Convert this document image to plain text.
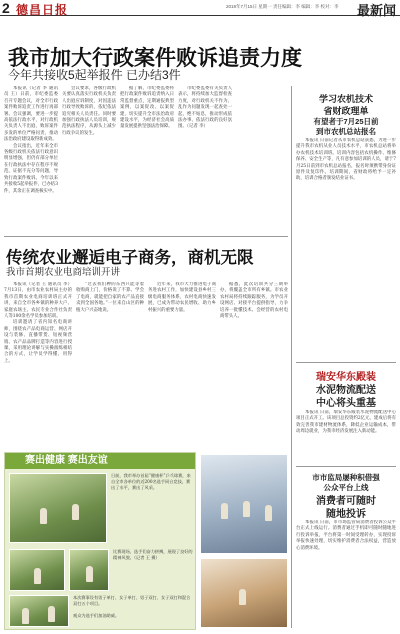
2 德昌日报	2019年7月15日 星期一 责任编辑：李 编辑：李 校对：李 最新闻
我市加大行政案件败诉追责力度
今年共接收5起举报件 已办结3件

本报讯（记者 李 通讯员 王）日前，市纪委监委召开专题会议，对全市行政案件败诉追责工作进行再部署。会议强调，要进一步提高依法行政水平，对行政机关负责人不出庭、败诉案件多发的单位严格问责，推动法治政府建设取得新成效。

会议指出，近年来全市各级行政机关依法行政意识明显增强，但仍有部分单位在行政执法中存在程序不规范、证据不充分等问题，导致行政案件败诉。今年以来共接收5起举报件，已办结3件，其余正在调查核实中。

会议要求，各级行政机关要认真落实行政机关负责人出庭应诉制度，对因违法行政导致败诉的，依纪依法追究相关人员责任。同时要加强行政执法人员培训，规范执法程序，从源头上减少行政争议的发生。

据了解，市纪委监委将把行政案件败诉追责纳入日常监督重点，定期通报典型案例，以案促改、以案促建，切实提升全市法治政府建设水平，为经济社会高质量发展提供坚强法治保障。

市纪委监委有关负责人表示，将持续加大监督检查力度，对行政机关不作为、乱作为问题发现一起查处一起，绝不姑息，推动形成依法办事、依法行政的良好氛围。（记者 李）

学习农机技术
省财政理单
有望者于7月25日前
到市农机总站报名

本报讯 日前记者从市农机总站获悉，为进一步提升我市农机从业人员技术水平，市农机总站将举办农机技术培训班。培训内容包括农机操作、维修保养、安全生产等，凡有意参加培训的人员，请于7月25日前到市农机总站报名，报名时须携带身份证原件及复印件。培训期间，省财政将给予一定补助，培训合格者颁发结业证书。

瑞安华东殿装
水泥物流配送
中心将头重基

本报讯 日前，瑞安华东殿装水泥物流配送中心项目正式开工。该项目总投资约2亿元，建成后将有效完善我市建材物流体系，降低企业运输成本，带动周边就业，为我市经济发展注入新动能。

市市监局屡种积借强
公众平台上线
消费者可随时
随地投诉

本报讯 日前，市市场监管局消费者投诉公众平台正式上线运行。消费者通过手机即可随时随地进行投诉举报，平台将第一时间受理转办，实现投诉举报快速处理，切实维护消费者合法权益，营造放心消费环境。

传统农业邂逅电子商务，商机无限
我市首期农业电商培训开讲

本报讯（记者 王 通讯员 李）7月13日，由市农业农村局主办的我市首期农业电商培训班正式开讲，来自全市各乡镇的种养大户、家庭农场主、农民专业合作社负责人等100余名学员参加培训。

培训邀请了省内知名电商讲师，围绕农产品电商运营、网店开设与装修、直播带货、短视频营销、农产品品牌打造等内容进行授课，采用理论讲解与实操演练相结合的方式，让学员学得懂、用得上。

“过去我们种的东西只能等着收购商上门，价格说了不算。学会了电商，就能把自家的农产品直接卖到全国各地。”一位来自山区的种植大户兴奋地说。

近年来，我市大力推进电子商务进农村工作，加快建设县乡村三级电商服务体系，农村电商快速发展，已成为带动农民增收、助力乡村振兴的重要力量。

据悉，此次培训共分三期举办，将覆盖全市所有乡镇。市农业农村局将持续跟踪服务，为学员开设网店、对接平台提供指导，力争培养一批懂技术、会经营的农村电商带头人。

赛出健康 赛出友谊
日前，我市举办首届“健康杯”乒乓球赛，来自全市各单位的近200名选手同台竞技，赛出了水平，赛出了风采。
比赛现场，选手们奋力拼搏，展现了良好的精神风貌。（记者 王 摄）
本次赛事设有男子单打、女子单打、男子双打、女子双打和混合双打五个项目。
观众为选手们加油助威。
